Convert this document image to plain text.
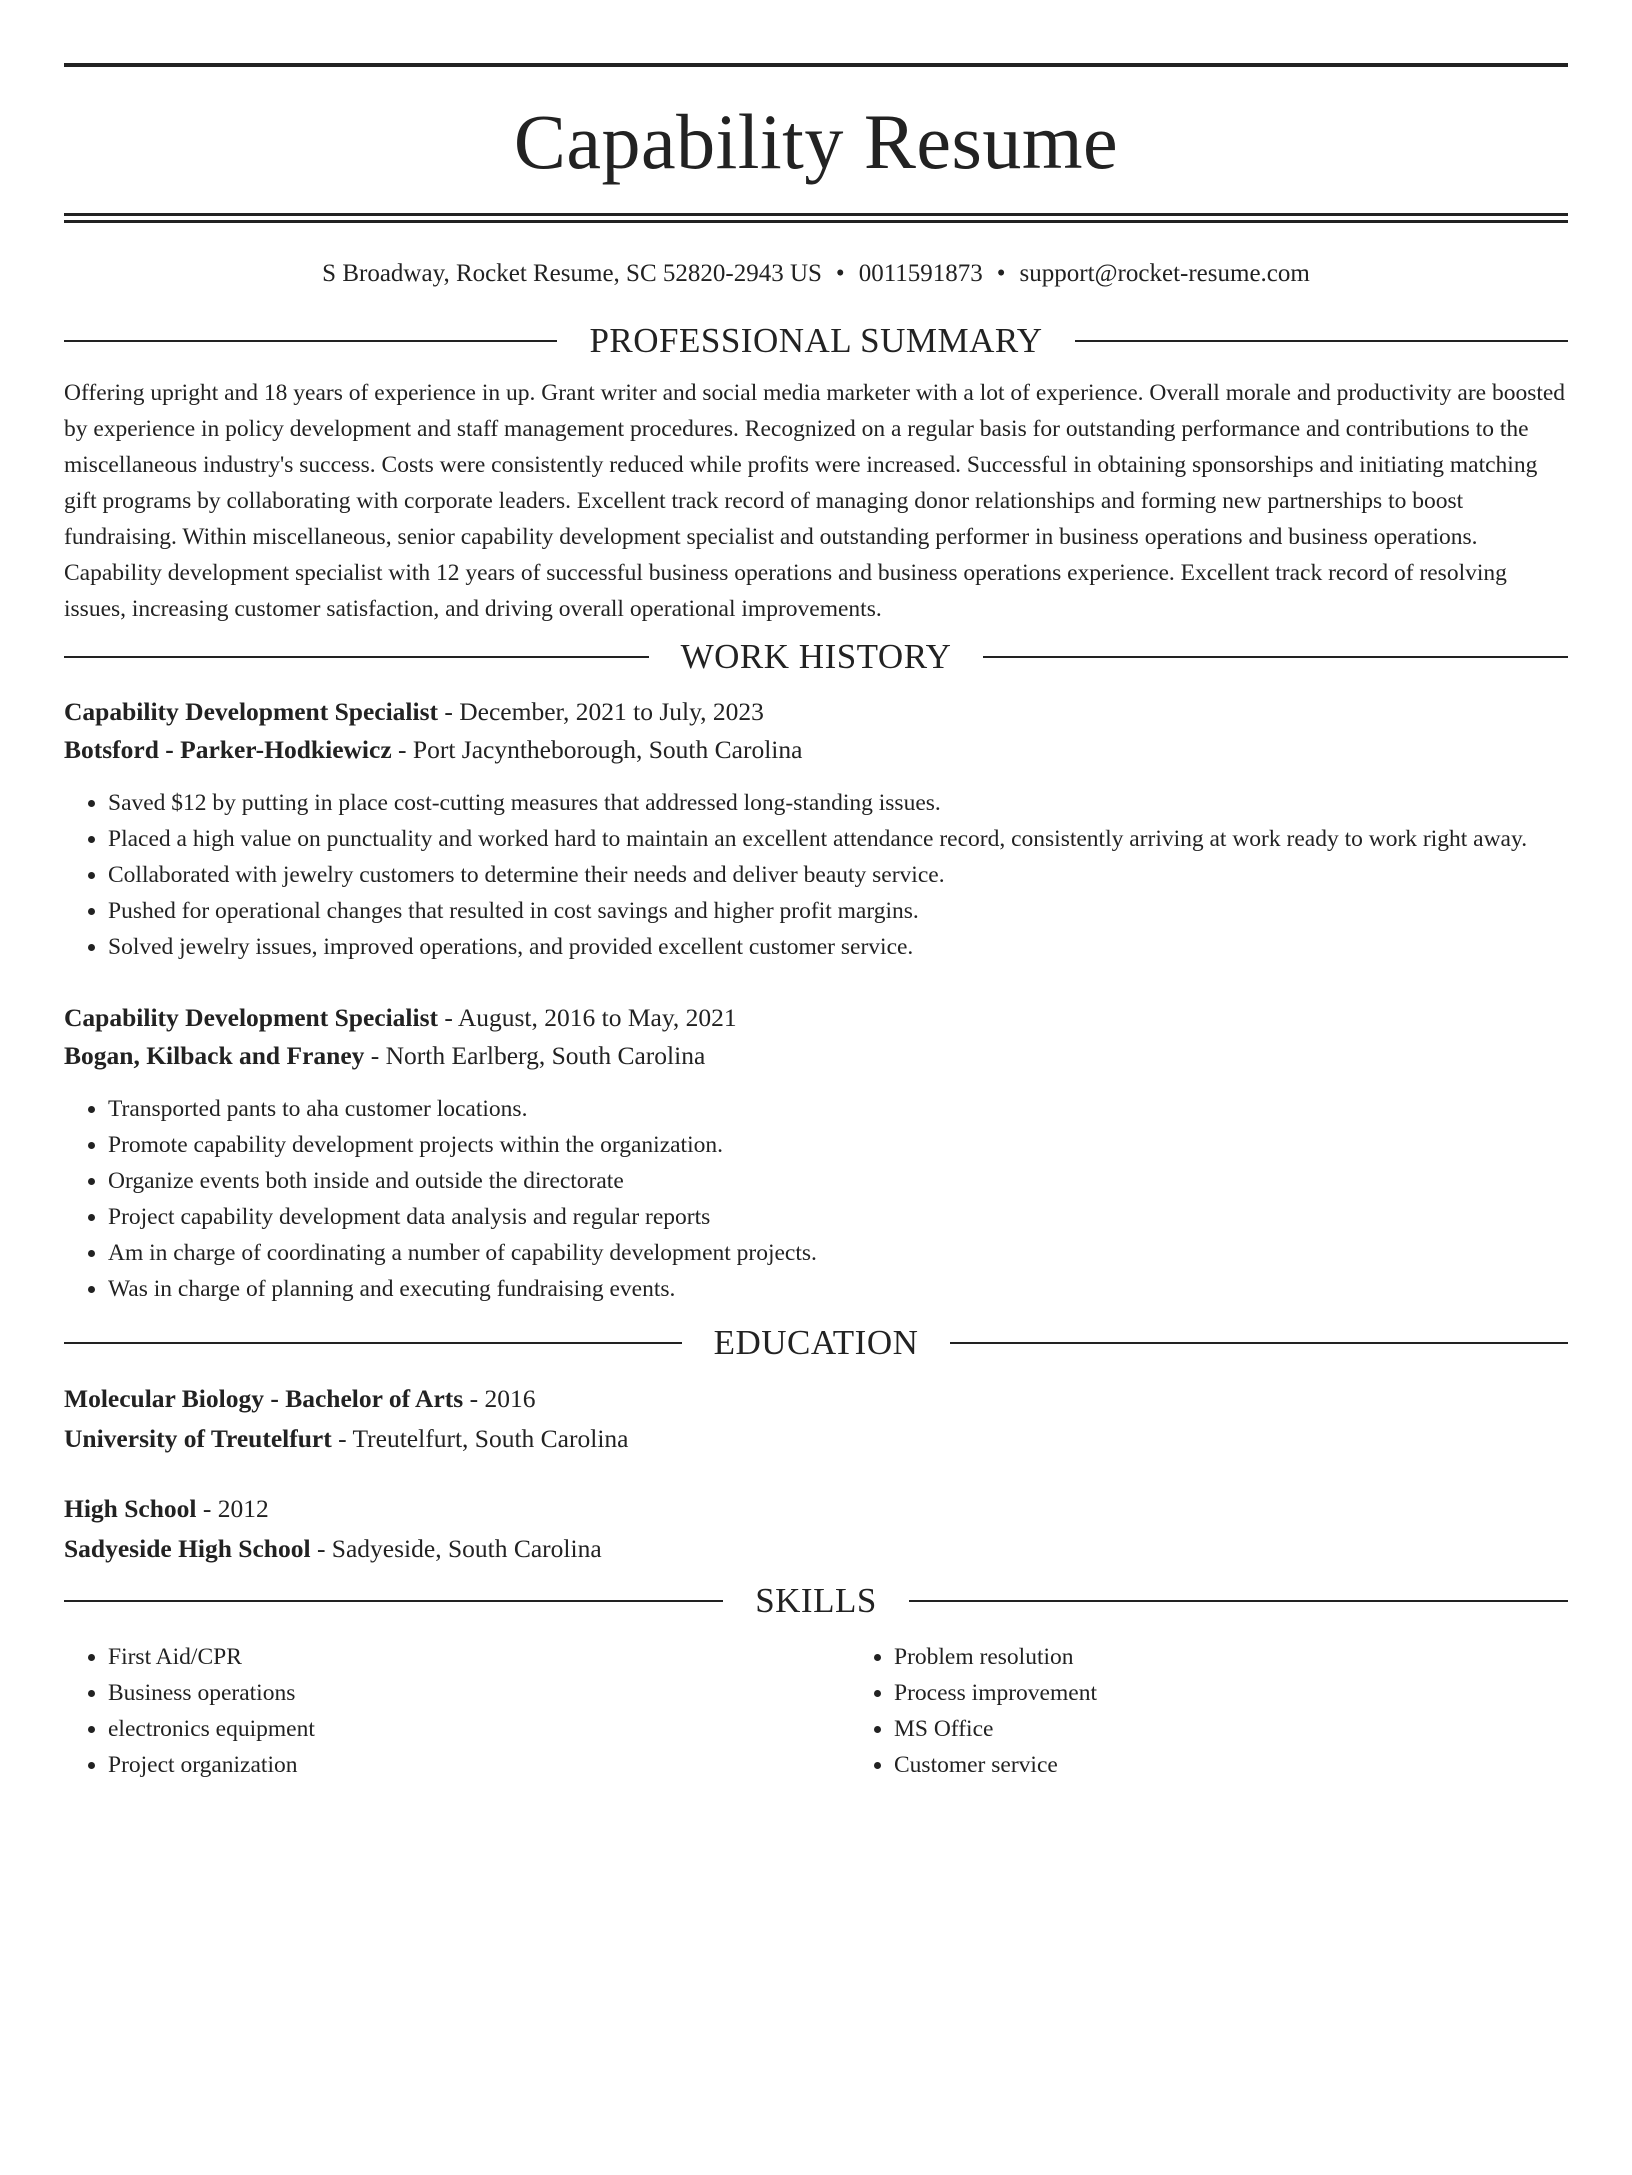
Capability Resume
S Broadway, Rocket Resume, SC 52820-2943 US • 0011591873 • support@rocket-resume.com
PROFESSIONAL SUMMARY

Offering upright and 18 years of experience in up. Grant writer and social media marketer with a lot of experience. Overall morale and productivity are boosted by experience in policy development and staff management procedures. Recognized on a regular basis for outstanding performance and contributions to the miscellaneous industry's success. Costs were consistently reduced while profits were increased. Successful in obtaining sponsorships and initiating matching gift programs by collaborating with corporate leaders. Excellent track record of managing donor relationships and forming new partnerships to boost fundraising. Within miscellaneous, senior capability development specialist and outstanding performer in business operations and business operations. Capability development specialist with 12 years of successful business operations and business operations experience. Excellent track record of resolving issues, increasing customer satisfaction, and driving overall operational improvements.

WORK HISTORY

Capability Development Specialist - December, 2021 to July, 2023

Botsford - Parker-Hodkiewicz - Port Jacyntheborough, South Carolina

• Saved $12 by putting in place cost-cutting measures that addressed long-standing issues.
• Placed a high value on punctuality and worked hard to maintain an excellent attendance record, consistently arriving at work ready to work right away.
• Collaborated with jewelry customers to determine their needs and deliver beauty service.
• Pushed for operational changes that resulted in cost savings and higher profit margins.
• Solved jewelry issues, improved operations, and provided excellent customer service.

Capability Development Specialist - August, 2016 to May, 2021

Bogan, Kilback and Franey - North Earlberg, South Carolina

• Transported pants to aha customer locations.
• Promote capability development projects within the organization.
• Organize events both inside and outside the directorate
• Project capability development data analysis and regular reports
• Am in charge of coordinating a number of capability development projects.
• Was in charge of planning and executing fundraising events.
EDUCATION

Molecular Biology - Bachelor of Arts - 2016

University of Treutelfurt - Treutelfurt, South Carolina

High School - 2012

Sadyeside High School - Sadyeside, South Carolina

SKILLS
• First Aid/CPR
• Business operations
• electronics equipment
• Project organization
• Problem resolution
• Process improvement
• MS Office
• Customer service
